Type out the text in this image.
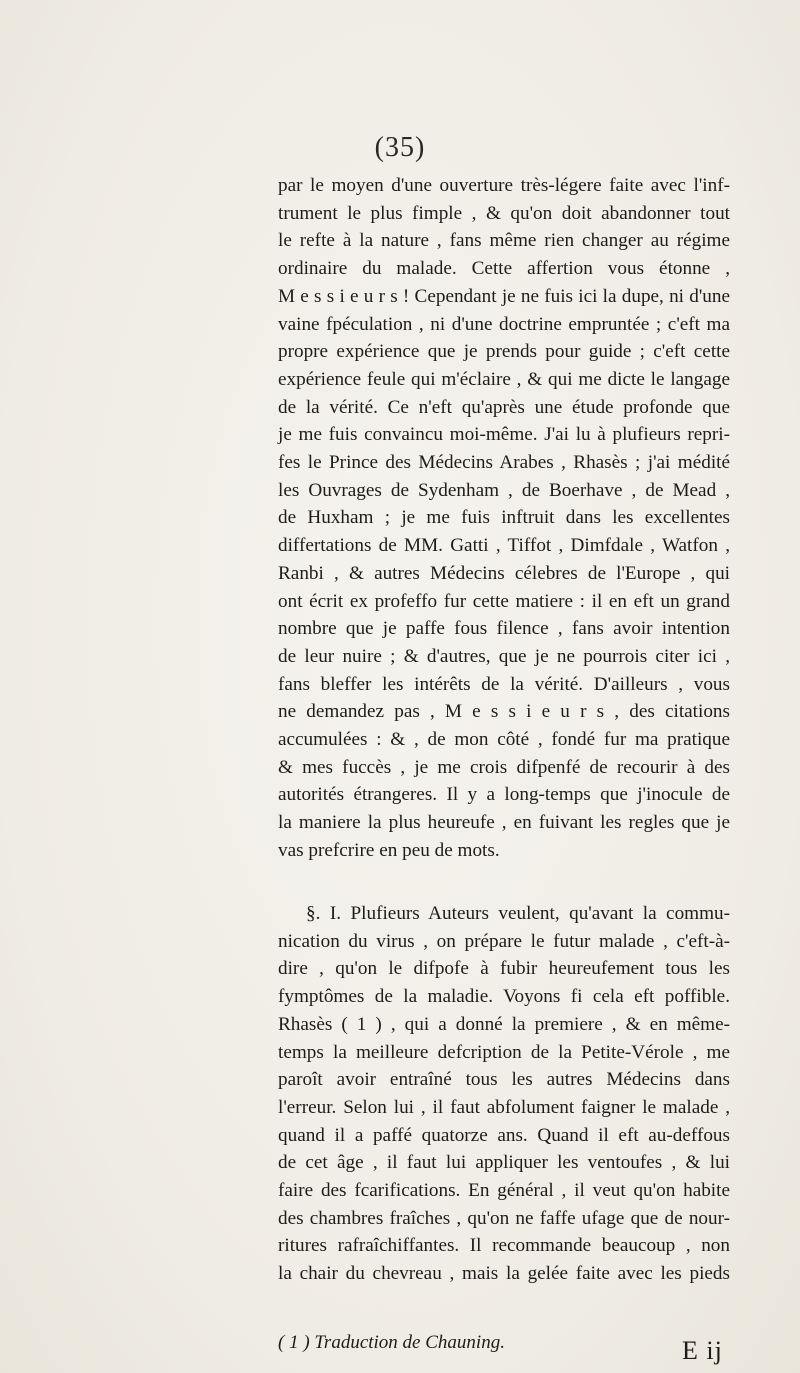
(35)
par le moyen d'une ouverture très-légere faite avec l'inf-
trument le plus fimple , & qu'on doit abandonner tout
le refte à la nature , fans même rien changer au régime
ordinaire du malade. Cette affertion vous étonne ,
M e s s i e u r s ! Cependant je ne fuis ici la dupe, ni d'une
vaine fpéculation , ni d'une doctrine empruntée ; c'eft ma
propre expérience que je prends pour guide ; c'eft cette
expérience feule qui m'éclaire , & qui me dicte le langage
de la vérité. Ce n'eft qu'après une étude profonde que
je me fuis convaincu moi-même. J'ai lu à plufieurs repri-
fes le Prince des Médecins Arabes , Rhasès ; j'ai médité
les Ouvrages de Sydenham , de Boerhave , de Mead ,
de Huxham ; je me fuis inftruit dans les excellentes
differtations de MM. Gatti , Tiffot , Dimfdale , Watfon ,
Ranbi , & autres Médecins célebres de l'Europe , qui
ont écrit ex profeffo fur cette matiere : il en eft un grand
nombre que je paffe fous filence , fans avoir intention
de leur nuire ; & d'autres, que je ne pourrois citer ici ,
fans bleffer les intérêts de la vérité. D'ailleurs , vous
ne demandez pas , M e s s i e u r s , des citations
accumulées : & , de mon côté , fondé fur ma pratique
& mes fuccès , je me crois difpenfé de recourir à des
autorités étrangeres. Il y a long-temps que j'inocule de
la maniere la plus heureufe , en fuivant les regles que je
vas prefcrire en peu de mots.
§. I. Plufieurs Auteurs veulent, qu'avant la commu-
nication du virus , on prépare le futur malade , c'eft-à-
dire , qu'on le difpofe à fubir heureufement tous les
fymptômes de la maladie. Voyons fi cela eft poffible.
Rhasès ( 1 ) , qui a donné la premiere , & en même-
temps la meilleure defcription de la Petite-Vérole , me
paroît avoir entraîné tous les autres Médecins dans
l'erreur. Selon lui , il faut abfolument faigner le malade ,
quand il a paffé quatorze ans. Quand il eft au-deffous
de cet âge , il faut lui appliquer les ventoufes , & lui
faire des fcarifications. En général , il veut qu'on habite
des chambres fraîches , qu'on ne faffe ufage que de nour-
ritures rafraîchiffantes. Il recommande beaucoup , non
la chair du chevreau , mais la gelée faite avec les pieds
( 1 ) Traduction de Chauning.	E ij
